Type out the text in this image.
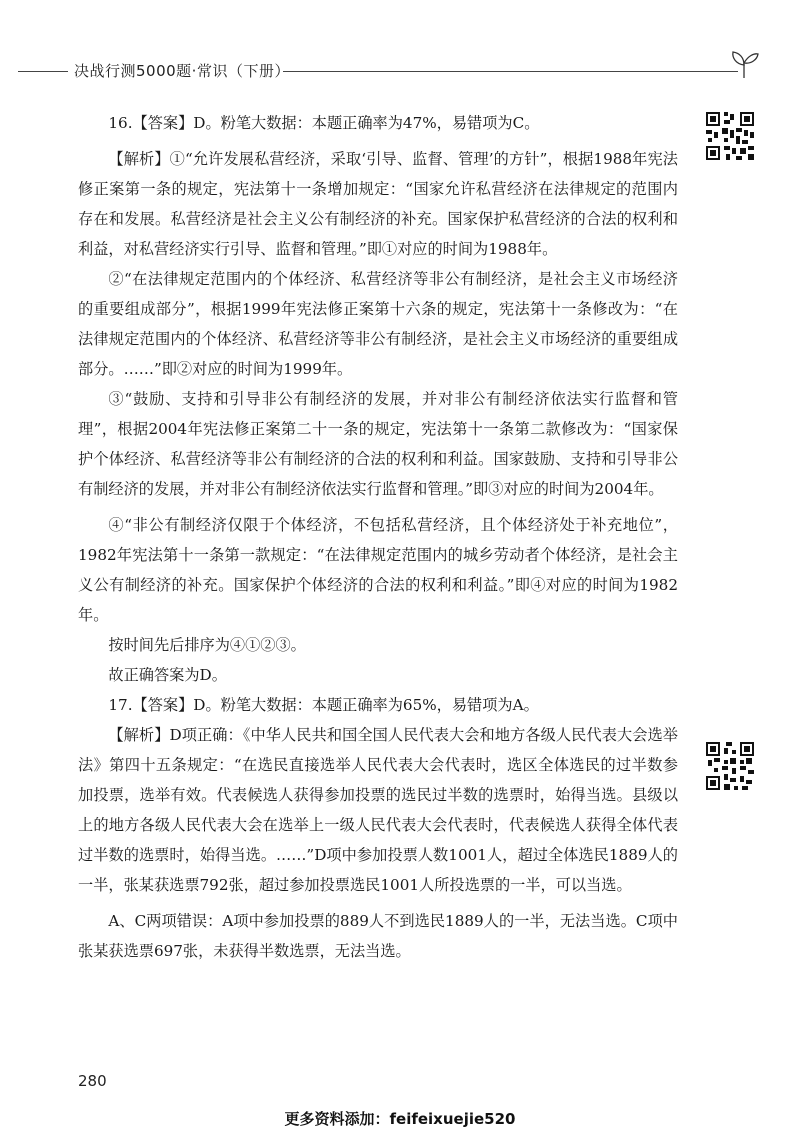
决战行测5000题·常识（下册）

16.【答案】D。粉笔大数据：本题正确率为47%，易错项为C。

【解析】①“允许发展私营经济，采取‘引导、监督、管理’的方针”，根据1988年宪法修正案第一条的规定，宪法第十一条增加规定：“国家允许私营经济在法律规定的范围内存在和发展。私营经济是社会主义公有制经济的补充。国家保护私营经济的合法的权利和利益，对私营经济实行引导、监督和管理。”即①对应的时间为1988年。

②“在法律规定范围内的个体经济、私营经济等非公有制经济，是社会主义市场经济的重要组成部分”，根据1999年宪法修正案第十六条的规定，宪法第十一条修改为：“在法律规定范围内的个体经济、私营经济等非公有制经济，是社会主义市场经济的重要组成部分。……”即②对应的时间为1999年。

③“鼓励、支持和引导非公有制经济的发展，并对非公有制经济依法实行监督和管理”，根据2004年宪法修正案第二十一条的规定，宪法第十一条第二款修改为：“国家保护个体经济、私营经济等非公有制经济的合法的权利和利益。国家鼓励、支持和引导非公有制经济的发展，并对非公有制经济依法实行监督和管理。”即③对应的时间为2004年。

④“非公有制经济仅限于个体经济，不包括私营经济，且个体经济处于补充地位”，1982年宪法第十一条第一款规定：“在法律规定范围内的城乡劳动者个体经济，是社会主义公有制经济的补充。国家保护个体经济的合法的权利和利益。”即④对应的时间为1982年。

按时间先后排序为④①②③。

故正确答案为D。

17.【答案】D。粉笔大数据：本题正确率为65%，易错项为A。

【解析】D项正确：《中华人民共和国全国人民代表大会和地方各级人民代表大会选举法》第四十五条规定：“在选民直接选举人民代表大会代表时，选区全体选民的过半数参加投票，选举有效。代表候选人获得参加投票的选民过半数的选票时，始得当选。县级以上的地方各级人民代表大会在选举上一级人民代表大会代表时，代表候选人获得全体代表过半数的选票时，始得当选。……”D项中参加投票人数1001人，超过全体选民1889人的一半，张某获选票792张，超过参加投票选民1001人所投选票的一半，可以当选。

A、C两项错误：A项中参加投票的889人不到选民1889人的一半，无法当选。C项中张某获选票697张，未获得半数选票，无法当选。

280
更多资料添加：feifeixuejie520
